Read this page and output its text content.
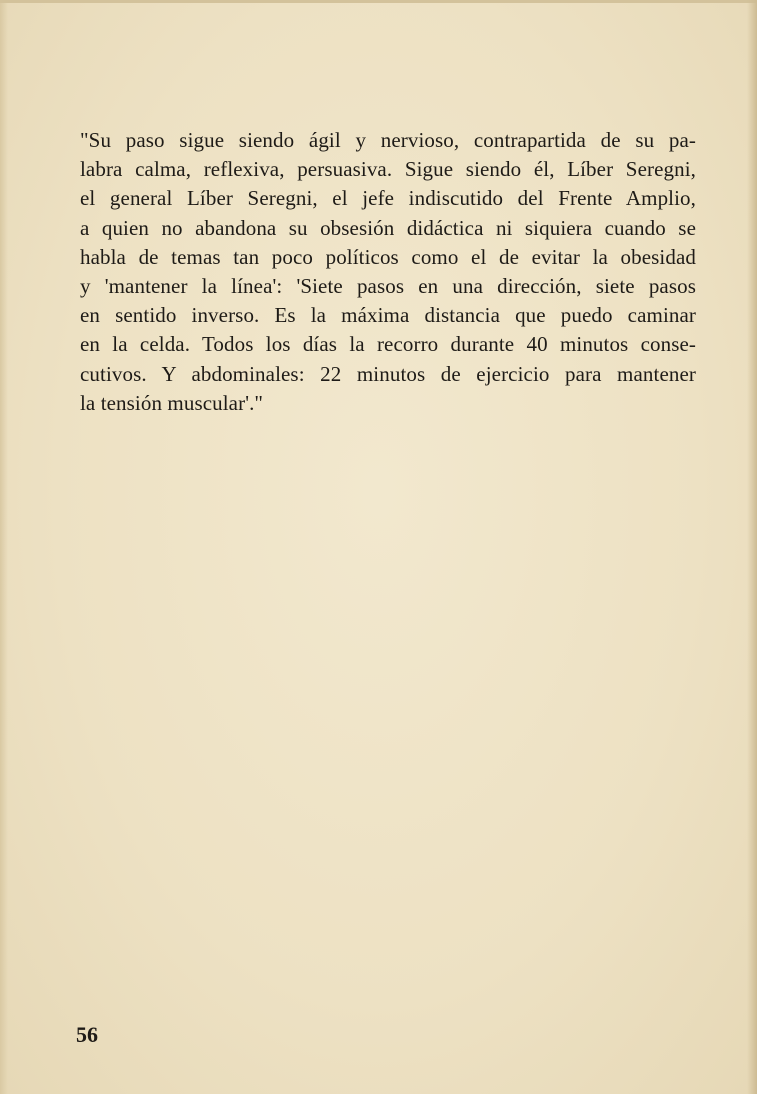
"Su paso sigue siendo ágil y nervioso, contrapartida de su pa-
labra calma, reflexiva, persuasiva. Sigue siendo él, Líber Seregni,
el general Líber Seregni, el jefe indiscutido del Frente Amplio,
a quien no abandona su obsesión didáctica ni siquiera cuando se
habla de temas tan poco políticos como el de evitar la obesidad
y 'mantener la línea': 'Siete pasos en una dirección, siete pasos
en sentido inverso. Es la máxima distancia que puedo caminar
en la celda. Todos los días la recorro durante 40 minutos conse-
cutivos. Y abdominales: 22 minutos de ejercicio para mantener
la tensión muscular'."

56
